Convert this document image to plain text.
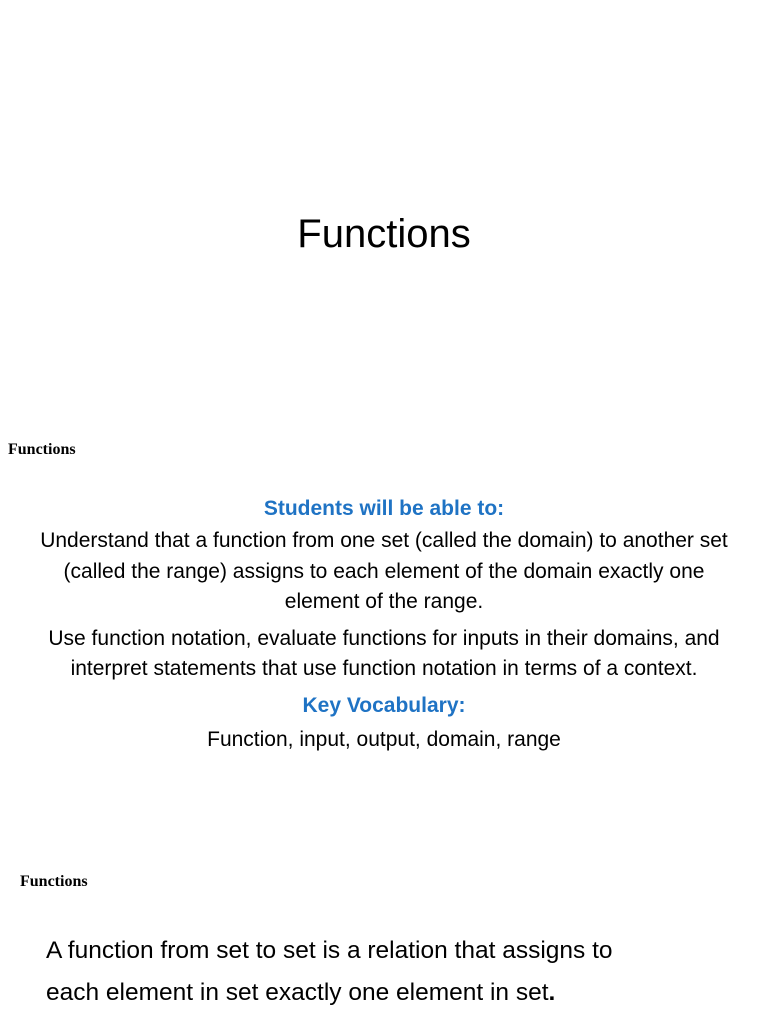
Functions
Functions
Students will be able to:
Understand that a function from one set (called the domain) to another set (called the range) assigns to each element of the domain exactly one element of the range.
Use function notation, evaluate functions for inputs in their domains, and interpret statements that use function notation in terms of a context.
Key Vocabulary:
Function, input, output, domain, range
Functions
A function from set to set is a relation that assigns to
each element in set exactly one element in set.
